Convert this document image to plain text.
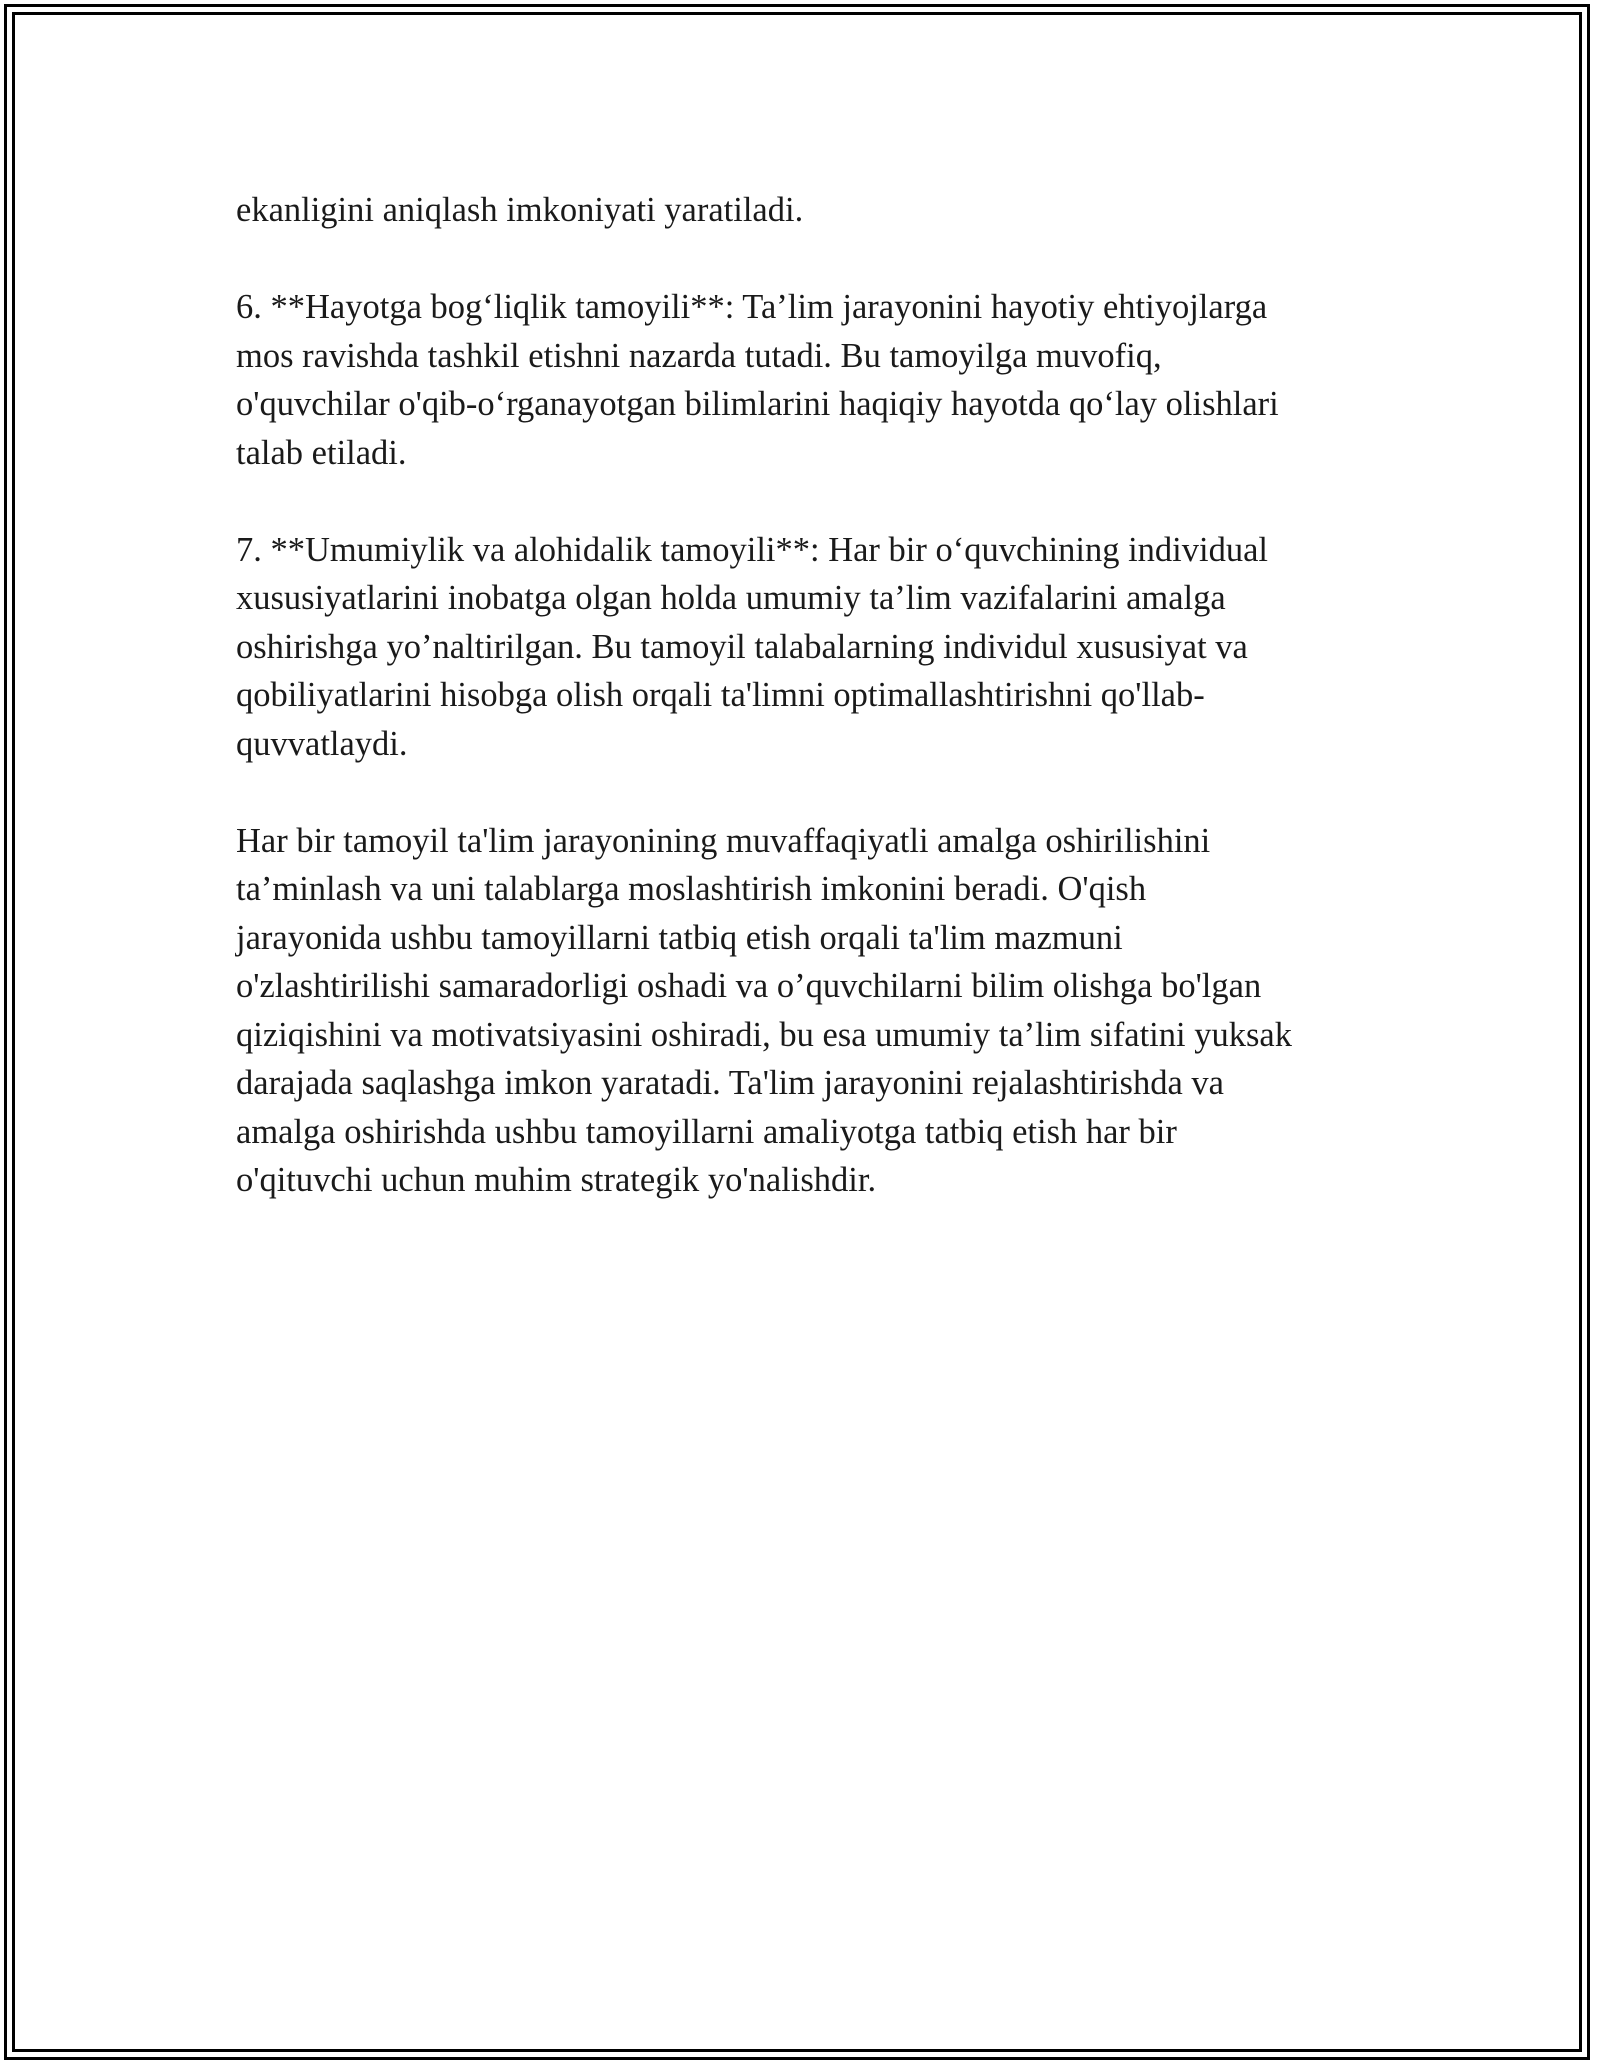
ekanligini aniqlash imkoniyati yaratiladi.
6. **Hayotga bog‘liqlik tamoyili**: Ta’lim jarayonini hayotiy ehtiyojlarga
mos ravishda tashkil etishni nazarda tutadi. Bu tamoyilga muvofiq,
o'quvchilar o'qib-o‘rganayotgan bilimlarini haqiqiy hayotda qo‘lay olishlari
talab etiladi.
7. **Umumiylik va alohidalik tamoyili**: Har bir o‘quvchining individual
xususiyatlarini inobatga olgan holda umumiy ta’lim vazifalarini amalga
oshirishga yo’naltirilgan. Bu tamoyil talabalarning individul xususiyat va
qobiliyatlarini hisobga olish orqali ta'limni optimallashtirishni qo'llab-
quvvatlaydi.
Har bir tamoyil ta'lim jarayonining muvaffaqiyatli amalga oshirilishini
ta’minlash va uni talablarga moslashtirish imkonini beradi. O'qish
jarayonida ushbu tamoyillarni tatbiq etish orqali ta'lim mazmuni
o'zlashtirilishi samaradorligi oshadi va o’quvchilarni bilim olishga bo'lgan
qiziqishini va motivatsiyasini oshiradi, bu esa umumiy ta’lim sifatini yuksak
darajada saqlashga imkon yaratadi. Ta'lim jarayonini rejalashtirishda va
amalga oshirishda ushbu tamoyillarni amaliyotga tatbiq etish har bir
o'qituvchi uchun muhim strategik yo'nalishdir.
